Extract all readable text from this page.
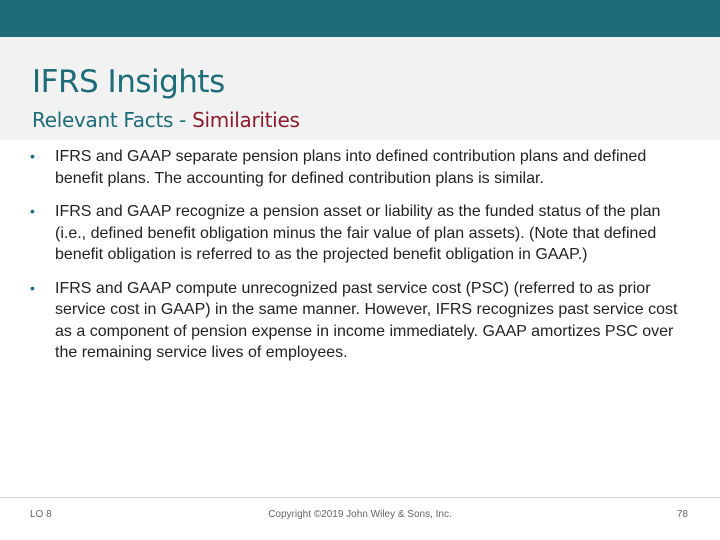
IFRS Insights
Relevant Facts - Similarities
• IFRS and GAAP separate pension plans into defined contribution plans and defined benefit plans. The accounting for defined contribution plans is similar.
• IFRS and GAAP recognize a pension asset or liability as the funded status of the plan (i.e., defined benefit obligation minus the fair value of plan assets). (Note that defined benefit obligation is referred to as the projected benefit obligation in GAAP.)
• IFRS and GAAP compute unrecognized past service cost (PSC) (referred to as prior service cost in GAAP) in the same manner. However, IFRS recognizes past service cost as a component of pension expense in income immediately. GAAP amortizes PSC over the remaining service lives of employees.
LO 8	Copyright ©2019 John Wiley & Sons, Inc.	78
